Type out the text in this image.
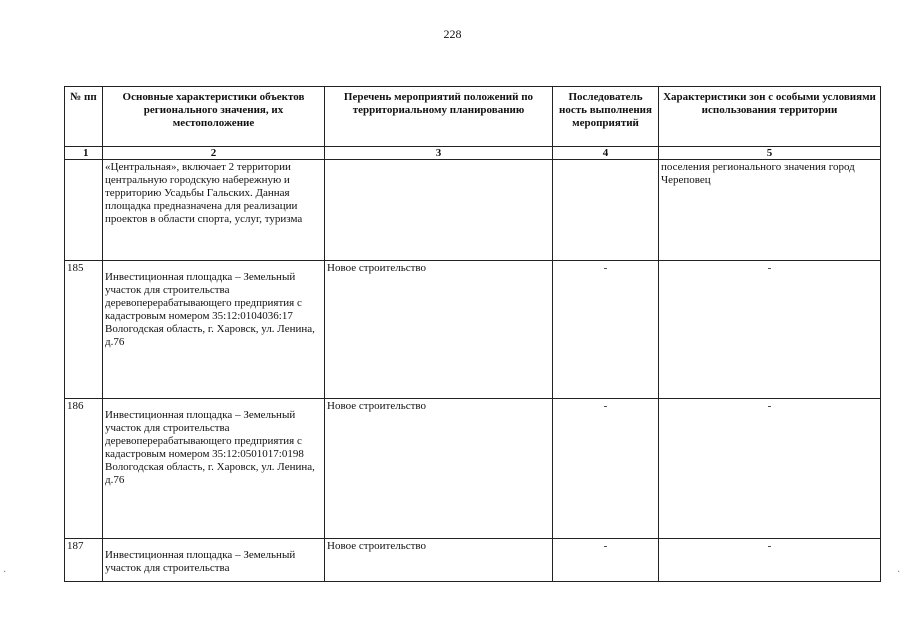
228
№ пп	Основные характеристики объектов регионального значения, их местоположение	Перечень мероприятий положений по территориальному планированию	Последователь ность выполнения мероприятий	Характеристики зон с особыми условиями использования территории
1	2	3	4	5
	«Центральная», включает 2 территории центральную городскую набережную и территорию Усадьбы Гальских. Данная площадка предназначена для реализации проектов в области спорта, услуг, туризма			поселения регионального значения город Череповец
185	Инвестиционная площадка – Земельный участок для строительства деревоперерабатывающего предприятия с кадастровым номером 35:12:0104036:17 Вологодская область, г. Харовск, ул. Ленина, д.76	Новое строительство	-	-
186	Инвестиционная площадка – Земельный участок для строительства деревоперерабатывающего предприятия с кадастровым номером 35:12:0501017:0198 Вологодская область, г. Харовск, ул. Ленина, д.76	Новое строительство	-	-
187	Инвестиционная площадка – Земельный участок для строительства	Новое строительство	-	-
·	·
